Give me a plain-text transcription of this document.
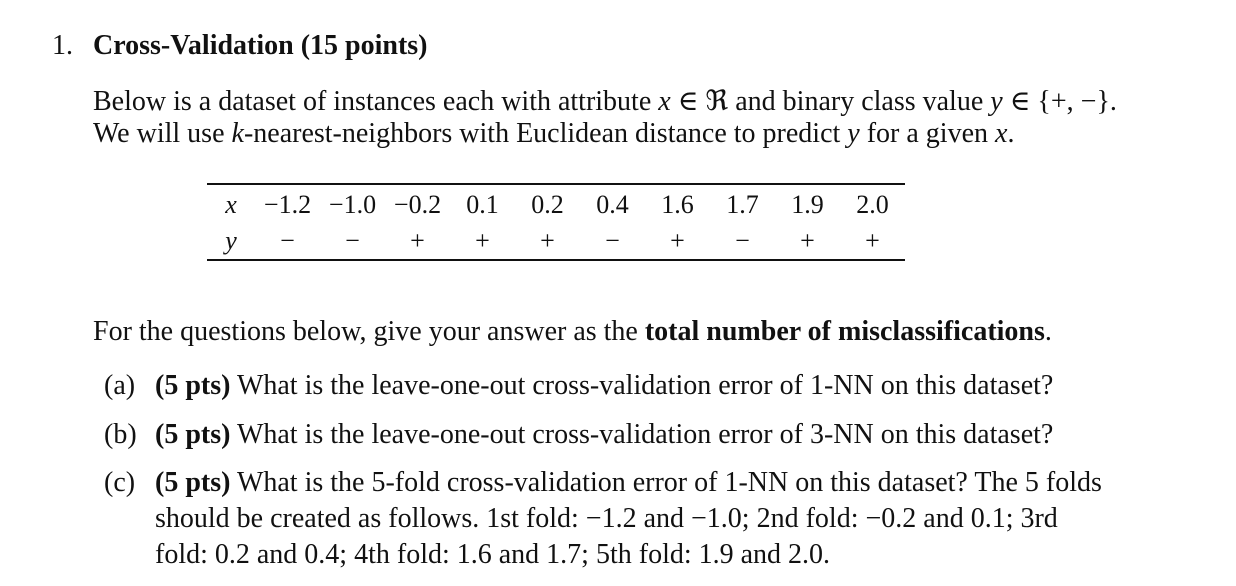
1. Cross-Validation (15 points)
Below is a dataset of instances each with attribute x ∈ ℜ and binary class value y ∈ {+, −}.
We will use k-nearest-neighbors with Euclidean distance to predict y for a given x.
x	−1.2	−1.0	−0.2	0.1	0.2	0.4	1.6	1.7	1.9	2.0
y	−	−	+	+	+	−	+	−	+	+
For the questions below, give your answer as the total number of misclassifications.
(a) (5 pts) What is the leave-one-out cross-validation error of 1-NN on this dataset?
(b) (5 pts) What is the leave-one-out cross-validation error of 3-NN on this dataset?
(c) (5 pts) What is the 5-fold cross-validation error of 1-NN on this dataset? The 5 folds
should be created as follows. 1st fold: −1.2 and −1.0; 2nd fold: −0.2 and 0.1; 3rd
fold: 0.2 and 0.4; 4th fold: 1.6 and 1.7; 5th fold: 1.9 and 2.0.
